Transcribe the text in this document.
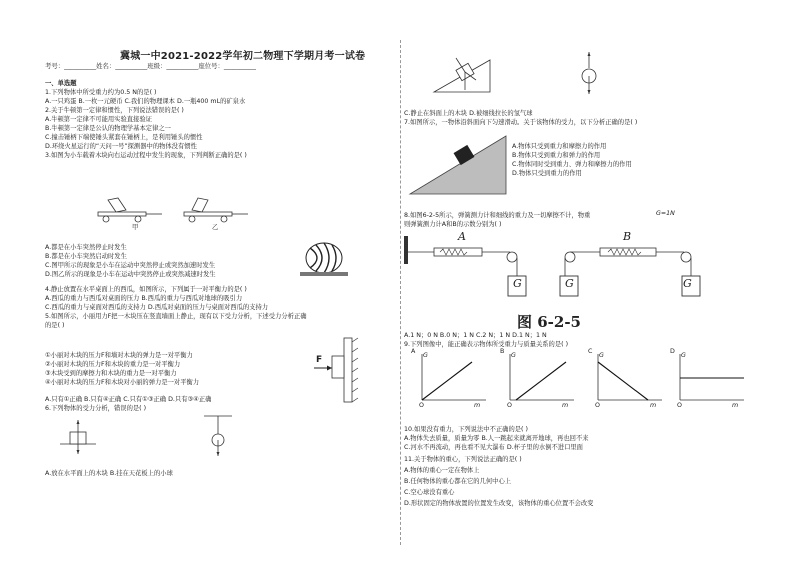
冀城一中2021-2022学年初二物理下学期月考一试卷
考号：__________姓名：__________班级：__________座位号：__________
一、单选题
1.下列物体中所受重力约为0.5 N的是( )
A.一只鸡蛋 B.一枚一元硬币 C.我们的物理课本 D.一瓶400 mL的矿泉水
2.关于牛顿第一定律和惯性，下列说法错误的是( )
A.牛顿第一定律不可能用实验直接验证
B.牛顿第一定律是公认的物理学基本定律之一
C.撞击锤柄下端使锤头紧套在锤柄上，是利用锤头的惯性
D.环绕火星运行的“天问一号”探测器中的物体没有惯性
3.如图为小车载着木块向右运动过程中发生的现象，下列判断正确的是( )
甲	乙
A.都是在小车突然停止时发生
B.都是在小车突然启动时发生
C.图甲所示的现象是小车在运动中突然停止或突然加速时发生
D.图乙所示的现象是小车在运动中突然停止或突然减速时发生
4.静止放置在水平桌面上的西瓜，如图所示，下列属于一对平衡力的是( )
A.西瓜的重力与西瓜对桌面的压力 B.西瓜的重力与西瓜对地球的吸引力
C.西瓜的重力与桌面对西瓜的支持力 D.西瓜对桌面的压力与桌面对西瓜的支持力
5.如图所示，小丽用力F把一木块压在竖直墙面上静止，现有以下受力分析，下述受力分析正确
的是( )
F
①小丽对木块的压力F和墙对木块的弹力是一对平衡力
②小丽对木块的压力F和木块的重力是一对平衡力
③木块受到的摩擦力和木块的重力是一对平衡力
④小丽对木块的压力F和木块对小丽的弹力是一对平衡力
A.只有①正确 B.只有④正确 C.只有①③正确 D.只有③④正确
6.下列物体的受力分析，错误的是( )
A.放在水平面上的木块 B.挂在天花板上的小球
C.静止在斜面上的木块 D.被细线拉长的氢气球
7.如图所示，一物体沿斜面向下匀速滑动。关于该物体的受力，以下分析正确的是( )
A.物体只受到重力和摩擦力的作用
B.物体只受到重力和弹力的作用
C.物体同时受到重力、弹力和摩擦力的作用
D.物体只受到重力的作用
8.如图6-2-5所示，弹簧测力计和细线的重力及一切摩擦不计，物重	G=1N
则弹簧测力计A和B的示数分别为( )
A
G
B
G	G
图 6-2-5
A.1 N；0 N B.0 N；1 N C.2 N；1 N D.1 N；1 N
9.下列图像中，能正确表示物体所受重力与质量关系的是( )
A
G
O	m
B
G
O	m
C
G
O	m
D
G
O	m
10.如果没有重力，下列说法中不正确的是( )
A.物体失去质量，质量为零 B.人一跳起来就离开地球，再也回不来
C.河水不再流动，再也看不见大瀑布 D.杯子里的水倒不进口里面
11.关于物体的重心，下列说法正确的是( )
A.物体的重心一定在物体上
B.任何物体的重心都在它的几何中心上
C.空心球没有重心
D.形状固定的物体放置的位置发生改变，该物体的重心位置不会改变
